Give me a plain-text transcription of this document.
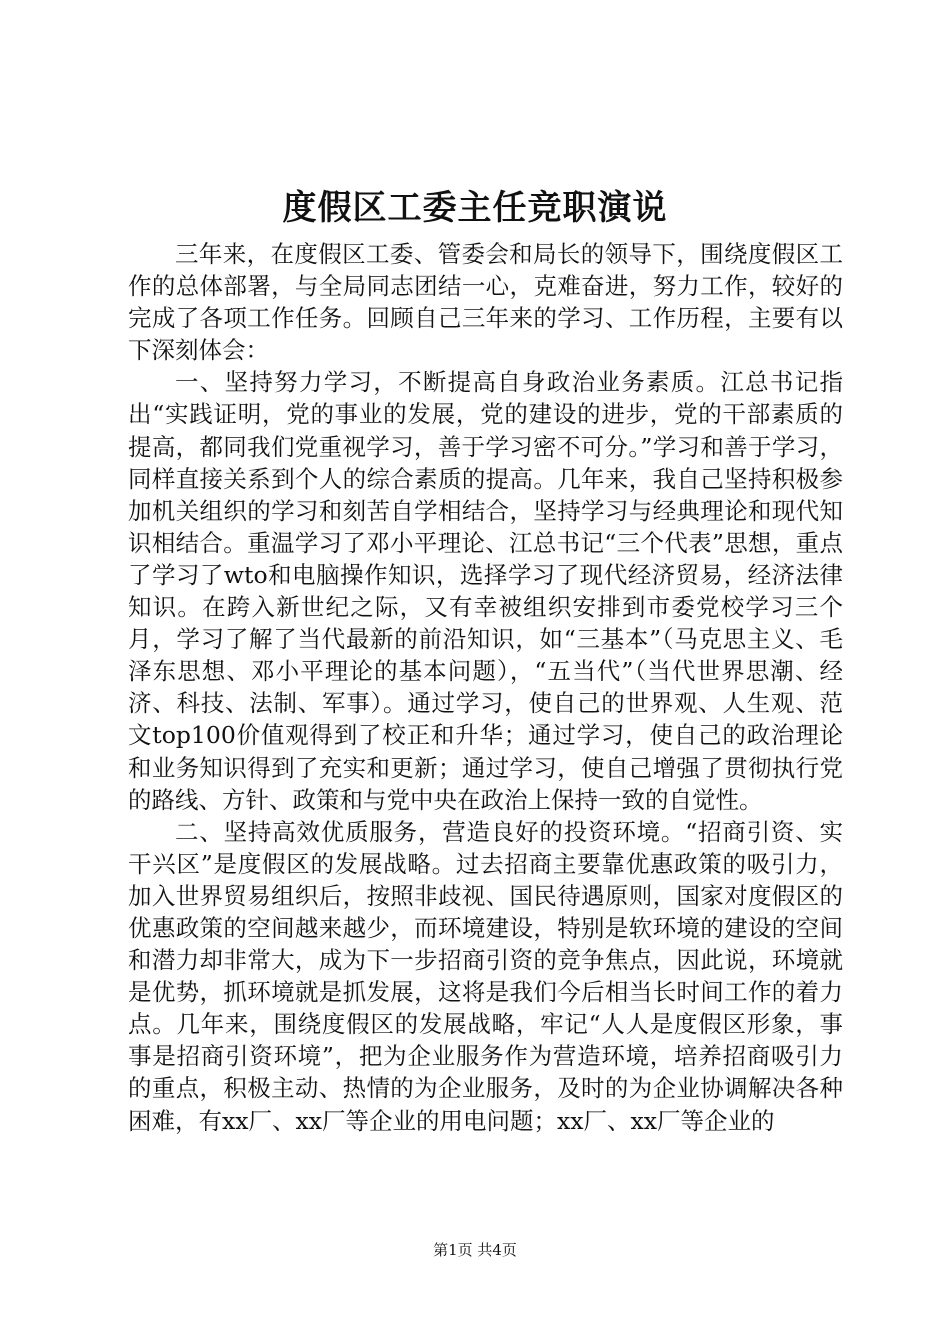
度假区工委主任竞职演说

三年来，在度假区工委、管委会和局长的领导下，围绕度假区工作的总体部署，与全局同志团结一心，克难奋进，努力工作，较好的完成了各项工作任务。回顾自己三年来的学习、工作历程，主要有以下深刻体会：

一、坚持努力学习，不断提高自身政治业务素质。江总书记指出“实践证明，党的事业的发展，党的建设的进步，党的干部素质的提高，都同我们党重视学习，善于学习密不可分。”学习和善于学习，同样直接关系到个人的综合素质的提高。几年来，我自己坚持积极参加机关组织的学习和刻苦自学相结合，坚持学习与经典理论和现代知识相结合。重温学习了邓小平理论、江总书记“三个代表”思想，重点了学习了wto和电脑操作知识，选择学习了现代经济贸易，经济法律知识。在跨入新世纪之际，又有幸被组织安排到市委党校学习三个月，学习了解了当代最新的前沿知识，如“三基本”（马克思主义、毛泽东思想、邓小平理论的基本问题），“五当代”（当代世界思潮、经济、科技、法制、军事）。通过学习，使自己的世界观、人生观、范文top100价值观得到了校正和升华；通过学习，使自己的政治理论和业务知识得到了充实和更新；通过学习，使自己增强了贯彻执行党的路线、方针、政策和与党中央在政治上保持一致的自觉性。

二、坚持高效优质服务，营造良好的投资环境。“招商引资、实干兴区”是度假区的发展战略。过去招商主要靠优惠政策的吸引力，加入世界贸易组织后，按照非歧视、国民待遇原则，国家对度假区的优惠政策的空间越来越少，而环境建设，特别是软环境的建设的空间和潜力却非常大，成为下一步招商引资的竞争焦点，因此说，环境就是优势，抓环境就是抓发展，这将是我们今后相当长时间工作的着力点。几年来，围绕度假区的发展战略，牢记“人人是度假区形象，事事是招商引资环境”，把为企业服务作为营造环境，培养招商吸引力的重点，积极主动、热情的为企业服务，及时的为企业协调解决各种困难，有xx厂、xx厂等企业的用电问题；xx厂、xx厂等企业的

第1页 共4页
